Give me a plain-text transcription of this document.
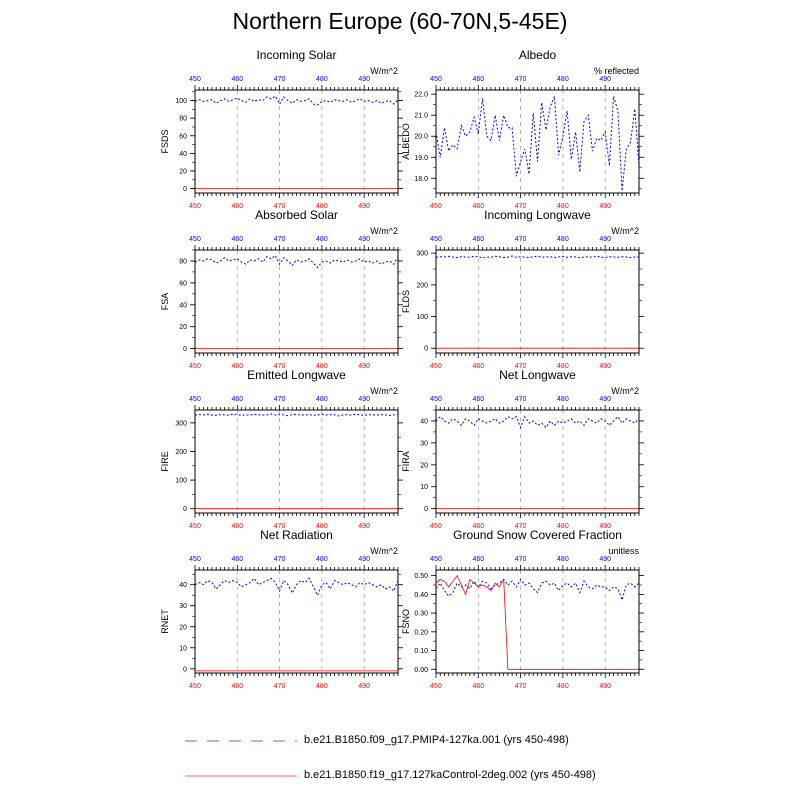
Northern Europe (60-70N,5-45E)
Incoming Solar
W/m^2
FSDS
450
450
460
460
470
470
480
480
490
490
0
20
40
60
80
100
Albedo
% reflected
ALBEDO
450
450
460
460
470
470
480
480
490
490
18.0
19.0
20.0
21.0
22.0
Absorbed Solar
W/m^2
FSA
450
450
460
460
470
470
480
480
490
490
0
20
40
60
80
Incoming Longwave
W/m^2
FLDS
450
450
460
460
470
470
480
480
490
490
0
100
200
300
Emitted Longwave
W/m^2
FIRE
450
450
460
460
470
470
480
480
490
490
0
100
200
300
Net Longwave
W/m^2
FIRA
450
450
460
460
470
470
480
480
490
490
0
10
20
30
40
Net Radiation
W/m^2
RNET
450
450
460
460
470
470
480
480
490
490
0
10
20
30
40
Ground Snow Covered Fraction
unitless
FSNO
450
450
460
460
470
470
480
480
490
490
0.00
0.10
0.20
0.30
0.40
0.50
b.e21.B1850.f09_g17.PMIP4-127ka.001 (yrs 450-498)
b.e21.B1850.f19_g17.127kaControl-2deg.002 (yrs 450-498)
